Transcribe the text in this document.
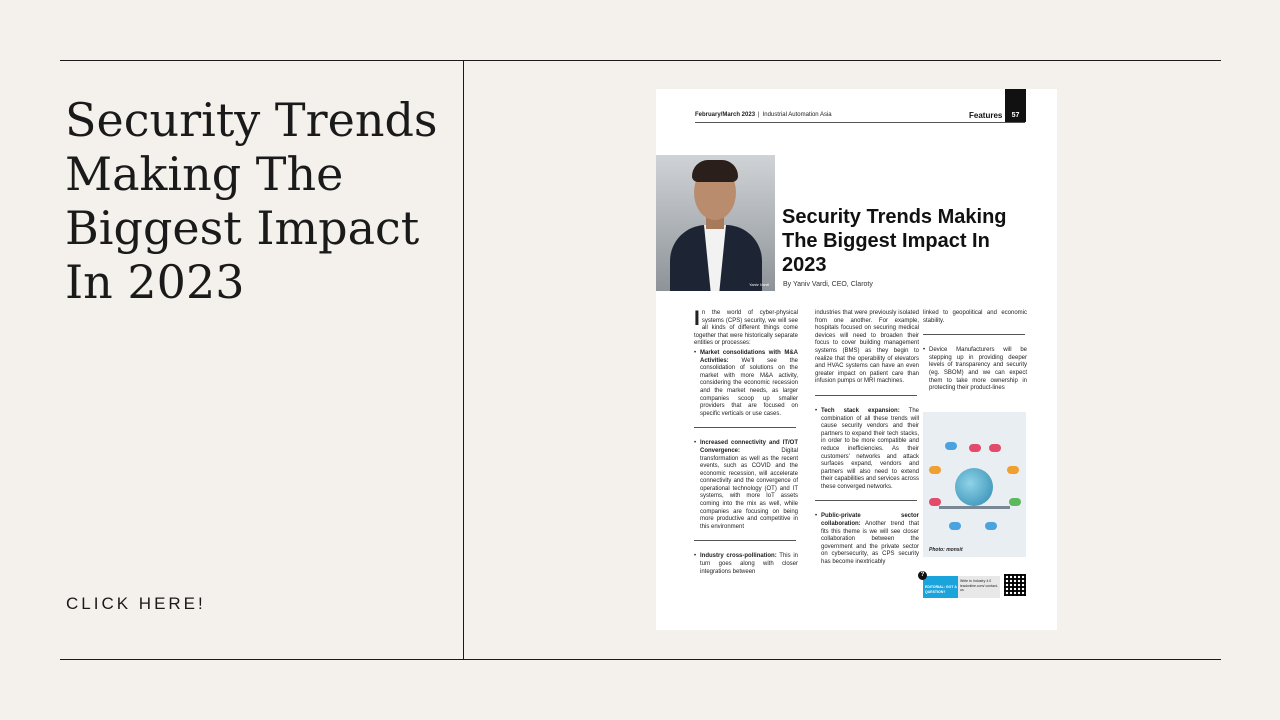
Security Trends Making The Biggest Impact In 2023
CLICK HERE!
February/March 2023 | Industrial Automation Asia	Features	57
Yaniv Vardi
Security Trends Making The Biggest Impact In 2023
By Yaniv Vardi, CEO, Claroty

In the world of cyber-physical systems (CPS) security, we will see all kinds of different things come together that were historically separate entities or processes:

• Market consolidations with M&A Activities: We'll see the consolidation of solutions on the market with more M&A activity, considering the economic recession and the market needs, as larger companies scoop up smaller providers that are focused on specific verticals or use cases.

• Increased connectivity and IT/OT Convergence: Digital transformation as well as the recent events, such as COVID and the economic recession, will accelerate connectivity and the convergence of operational technology (OT) and IT systems, with more IoT assets coming into the mix as well, while companies are focusing on being more productive and competitive in this environment

• Industry cross-pollination: This in turn goes along with closer integrations between

industries that were previously isolated from one another. For example, hospitals focused on securing medical devices will need to broaden their focus to cover building management systems (BMS) as they begin to realize that the operability of elevators and HVAC systems can have an even greater impact on patient care than infusion pumps or MRI machines.

• Tech stack expansion: The combination of all these trends will cause security vendors and their partners to expand their tech stacks, in order to be more compatible and reduce inefficiencies. As their customers' networks and attack surfaces expand, vendors and partners will also need to extend their capabilities and services across these converged networks.

• Public-private sector collaboration: Another trend that fits this theme is we will see closer collaboration between the government and the private sector on cybersecurity, as CPS security has become inextricably

linked to geopolitical and economic stability.

• Device Manufacturers will be stepping up in providing deeper levels of transparency and security (eg. SBOM) and we can expect them to take more ownership in protecting their product-lines

Photo: monsit
EDITORIAL: GOT A QUESTION?
Write to Industry 4.0 leadonline.com/ contact-us
?
